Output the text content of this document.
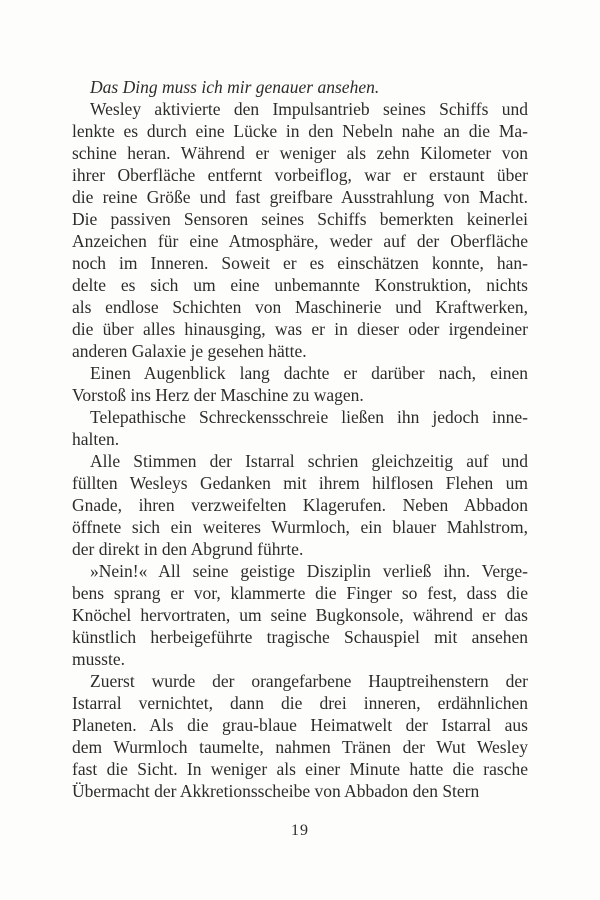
Das Ding muss ich mir genauer ansehen.
Wesley aktivierte den Impulsantrieb seines Schiffs und
lenkte es durch eine Lücke in den Nebeln nahe an die Ma-
schine heran. Während er weniger als zehn Kilometer von
ihrer Oberfläche entfernt vorbeiflog, war er erstaunt über
die reine Größe und fast greifbare Ausstrahlung von Macht.
Die passiven Sensoren seines Schiffs bemerkten keinerlei
Anzeichen für eine Atmosphäre, weder auf der Oberfläche
noch im Inneren. Soweit er es einschätzen konnte, han-
delte es sich um eine unbemannte Konstruktion, nichts
als endlose Schichten von Maschinerie und Kraftwerken,
die über alles hinausging, was er in dieser oder irgendeiner
anderen Galaxie je gesehen hätte.
Einen Augenblick lang dachte er darüber nach, einen
Vorstoß ins Herz der Maschine zu wagen.
Telepathische Schreckensschreie ließen ihn jedoch inne-
halten.
Alle Stimmen der Istarral schrien gleichzeitig auf und
füllten Wesleys Gedanken mit ihrem hilflosen Flehen um
Gnade, ihren verzweifelten Klagerufen. Neben Abbadon
öffnete sich ein weiteres Wurmloch, ein blauer Mahlstrom,
der direkt in den Abgrund führte.
»Nein!« All seine geistige Disziplin verließ ihn. Verge-
bens sprang er vor, klammerte die Finger so fest, dass die
Knöchel hervortraten, um seine Bugkonsole, während er das
künstlich herbeigeführte tragische Schauspiel mit ansehen
musste.
Zuerst wurde der orangefarbene Hauptreihenstern der
Istarral vernichtet, dann die drei inneren, erdähnlichen
Planeten. Als die grau-blaue Heimatwelt der Istarral aus
dem Wurmloch taumelte, nahmen Tränen der Wut Wesley
fast die Sicht. In weniger als einer Minute hatte die rasche
Übermacht der Akkretionsscheibe von Abbadon den Stern
19
